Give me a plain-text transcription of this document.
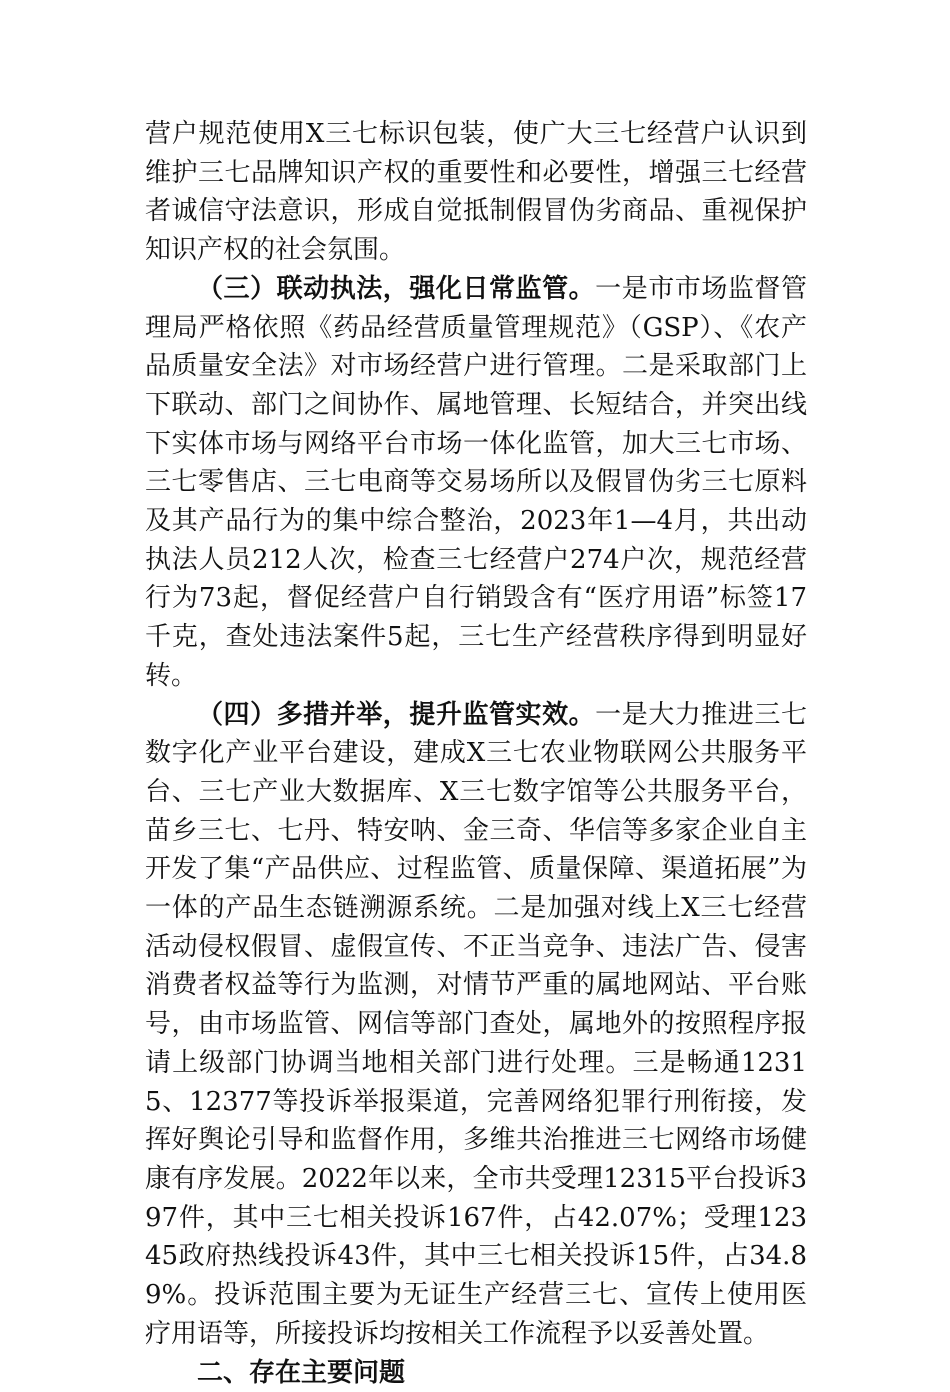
营户规范使用X三七标识包装，使广大三七经营户认识到维护三七品牌知识产权的重要性和必要性，增强三七经营者诚信守法意识，形成自觉抵制假冒伪劣商品、重视保护知识产权的社会氛围。

（三）联动执法，强化日常监管。一是市市场监督管理局严格依照《药品经营质量管理规范》（GSP）、《农产品质量安全法》对市场经营户进行管理。二是采取部门上下联动、部门之间协作、属地管理、长短结合，并突出线下实体市场与网络平台市场一体化监管，加大三七市场、三七零售店、三七电商等交易场所以及假冒伪劣三七原料及其产品行为的集中综合整治，2023年1—4月，共出动执法人员212人次，检查三七经营户274户次，规范经营行为73起，督促经营户自行销毁含有“医疗用语”标签17千克，查处违法案件5起，三七生产经营秩序得到明显好转。

（四）多措并举，提升监管实效。一是大力推进三七数字化产业平台建设，建成X三七农业物联网公共服务平台、三七产业大数据库、X三七数字馆等公共服务平台，苗乡三七、七丹、特安呐、金三奇、华信等多家企业自主开发了集“产品供应、过程监管、质量保障、渠道拓展”为一体的产品生态链溯源系统。二是加强对线上X三七经营活动侵权假冒、虚假宣传、不正当竞争、违法广告、侵害消费者权益等行为监测，对情节严重的属地网站、平台账号，由市场监管、网信等部门查处，属地外的按照程序报请上级部门协调当地相关部门进行处理。三是畅通12315、12377等投诉举报渠道，完善网络犯罪行刑衔接，发挥好舆论引导和监督作用，多维共治推进三七网络市场健康有序发展。2022年以来，全市共受理12315平台投诉397件，其中三七相关投诉167件，占42.07%；受理12345政府热线投诉43件，其中三七相关投诉15件，占34.89%。投诉范围主要为无证生产经营三七、宣传上使用医疗用语等，所接投诉均按相关工作流程予以妥善处置。

二、存在主要问题
